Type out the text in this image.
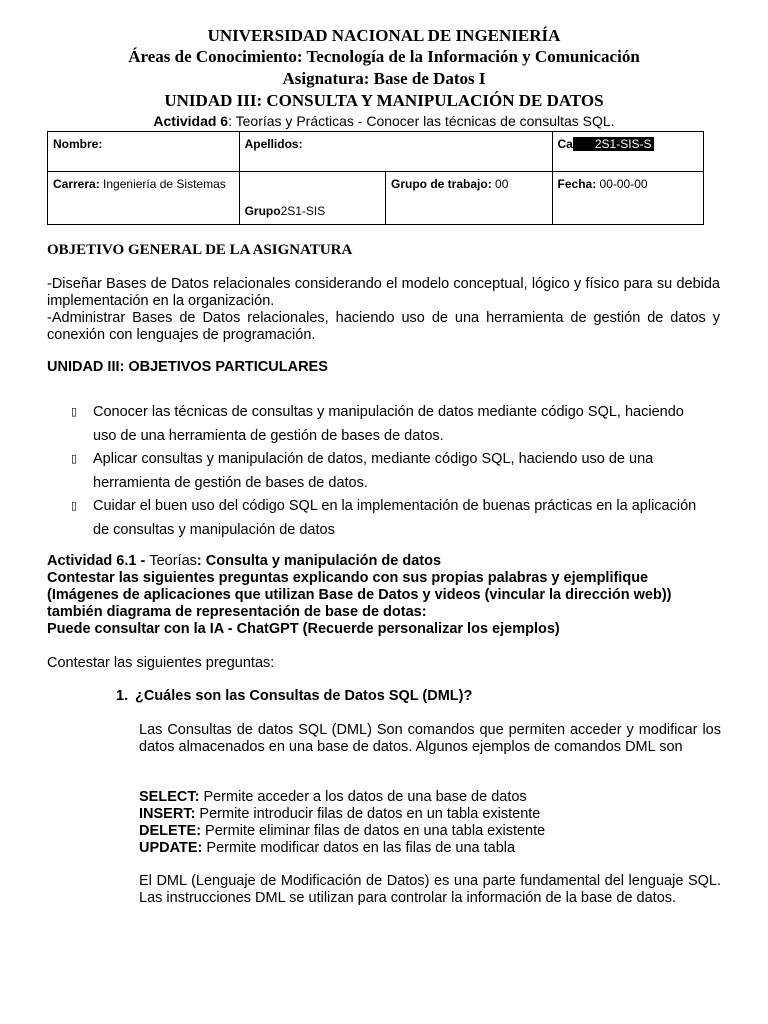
UNIVERSIDAD NACIONAL DE INGENIERÍA
Áreas de Conocimiento: Tecnología de la Información y Comunicación
Asignatura: Base de Datos I
UNIDAD III: CONSULTA Y MANIPULACIÓN DE DATOS
Actividad 6: Teorías y Prácticas - Conocer las técnicas de consultas SQL.
Nombre:	Apellidos:		Ca 2S1-SIS-S
Carrera: Ingeniería de Sistemas	Grupo2S1-SIS	Grupo de trabajo: 00	Fecha: 00-00-00
OBJETIVO GENERAL DE LA ASIGNATURA
-Diseñar Bases de Datos relacionales considerando el modelo conceptual, lógico y físico para su debida implementación en la organización.
-Administrar Bases de Datos relacionales, haciendo uso de una herramienta de gestión de datos y conexión con lenguajes de programación.
UNIDAD III: OBJETIVOS PARTICULARES
▯ Conocer las técnicas de consultas y manipulación de datos mediante código SQL, haciendo uso de una herramienta de gestión de bases de datos.
▯ Aplicar consultas y manipulación de datos, mediante código SQL, haciendo uso de una herramienta de gestión de bases de datos.
▯ Cuidar el buen uso del código SQL en la implementación de buenas prácticas en la aplicación de consultas y manipulación de datos
Actividad 6.1 - Teorías: Consulta y manipulación de datos
Contestar las siguientes preguntas explicando con sus propias palabras y ejemplifique
(Imágenes de aplicaciones que utilizan Base de Datos y videos (vincular la dirección web))
también diagrama de representación de base de dotas:
Puede consultar con la IA - ChatGPT (Recuerde personalizar los ejemplos)
Contestar las siguientes preguntas:
1. ¿Cuáles son las Consultas de Datos SQL (DML)?
Las Consultas de datos SQL (DML) Son comandos que permiten acceder y modificar los datos almacenados en una base de datos. Algunos ejemplos de comandos DML son
SELECT: Permite acceder a los datos de una base de datos
INSERT: Permite introducir filas de datos en un tabla existente
DELETE: Permite eliminar filas de datos en una tabla existente
UPDATE: Permite modificar datos en las filas de una tabla
El DML (Lenguaje de Modificación de Datos) es una parte fundamental del lenguaje SQL. Las instrucciones DML se utilizan para controlar la información de la base de datos.
